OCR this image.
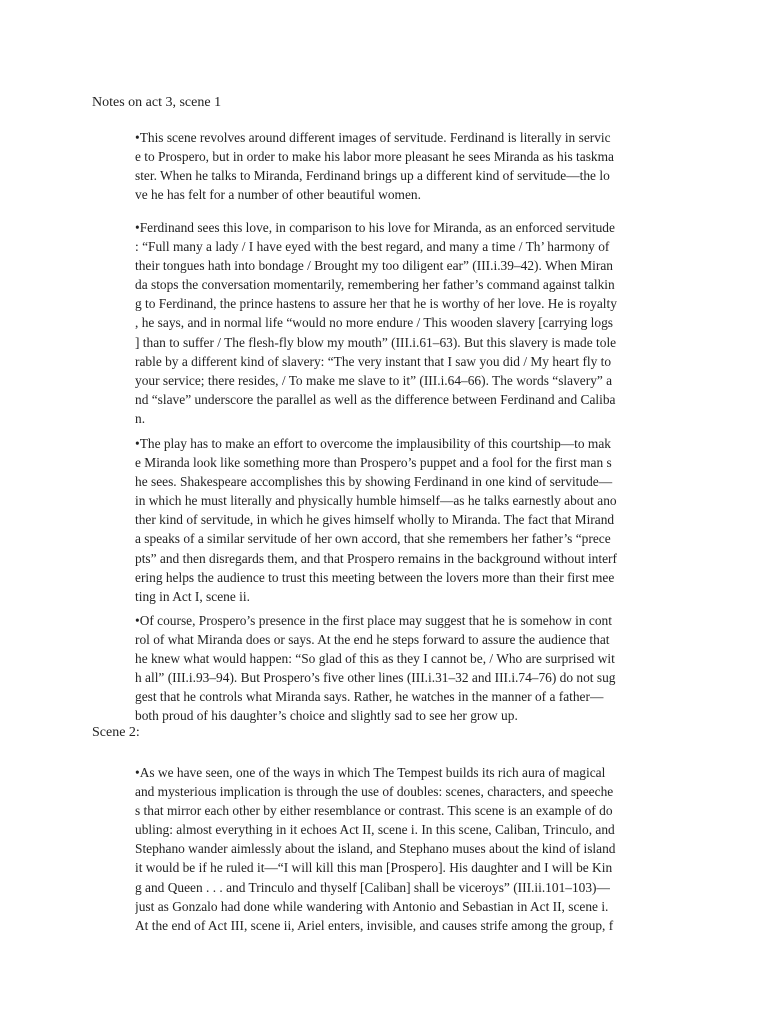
Notes on act 3, scene 1
•This scene revolves around different images of servitude. Ferdinand is literally in servic
e to Prospero, but in order to make his labor more pleasant he sees Miranda as his taskma
ster. When he talks to Miranda, Ferdinand brings up a different kind of servitude—the lo
ve he has felt for a number of other beautiful women.
•Ferdinand sees this love, in comparison to his love for Miranda, as an enforced servitude
: “Full many a lady / I have eyed with the best regard, and many a time / Th’ harmony of
their tongues hath into bondage / Brought my too diligent ear” (III.i.39–42). When Miran
da stops the conversation momentarily, remembering her father’s command against talkin
g to Ferdinand, the prince hastens to assure her that he is worthy of her love. He is royalty
, he says, and in normal life “would no more endure / This wooden slavery [carrying logs
] than to suffer / The flesh-fly blow my mouth” (III.i.61–63). But this slavery is made tole
rable by a different kind of slavery: “The very instant that I saw you did / My heart fly to
your service; there resides, / To make me slave to it” (III.i.64–66). The words “slavery” a
nd “slave” underscore the parallel as well as the difference between Ferdinand and Caliba
n.
•The play has to make an effort to overcome the implausibility of this courtship—to mak
e Miranda look like something more than Prospero’s puppet and a fool for the first man s
he sees. Shakespeare accomplishes this by showing Ferdinand in one kind of servitude—
in which he must literally and physically humble himself—as he talks earnestly about ano
ther kind of servitude, in which he gives himself wholly to Miranda. The fact that Mirand
a speaks of a similar servitude of her own accord, that she remembers her father’s “prece
pts” and then disregards them, and that Prospero remains in the background without interf
ering helps the audience to trust this meeting between the lovers more than their first mee
ting in Act I, scene ii.
•Of course, Prospero’s presence in the first place may suggest that he is somehow in cont
rol of what Miranda does or says. At the end he steps forward to assure the audience that
he knew what would happen: “So glad of this as they I cannot be, / Who are surprised wit
h all” (III.i.93–94). But Prospero’s five other lines (III.i.31–32 and III.i.74–76) do not sug
gest that he controls what Miranda says. Rather, he watches in the manner of a father—
both proud of his daughter’s choice and slightly sad to see her grow up.
Scene 2:
•As we have seen, one of the ways in which The Tempest builds its rich aura of magical
and mysterious implication is through the use of doubles: scenes, characters, and speeche
s that mirror each other by either resemblance or contrast. This scene is an example of do
ubling: almost everything in it echoes Act II, scene i. In this scene, Caliban, Trinculo, and
Stephano wander aimlessly about the island, and Stephano muses about the kind of island
it would be if he ruled it—“I will kill this man [Prospero]. His daughter and I will be Kin
g and Queen . . . and Trinculo and thyself [Caliban] shall be viceroys” (III.ii.101–103)—
just as Gonzalo had done while wandering with Antonio and Sebastian in Act II, scene i.
At the end of Act III, scene ii, Ariel enters, invisible, and causes strife among the group, f
